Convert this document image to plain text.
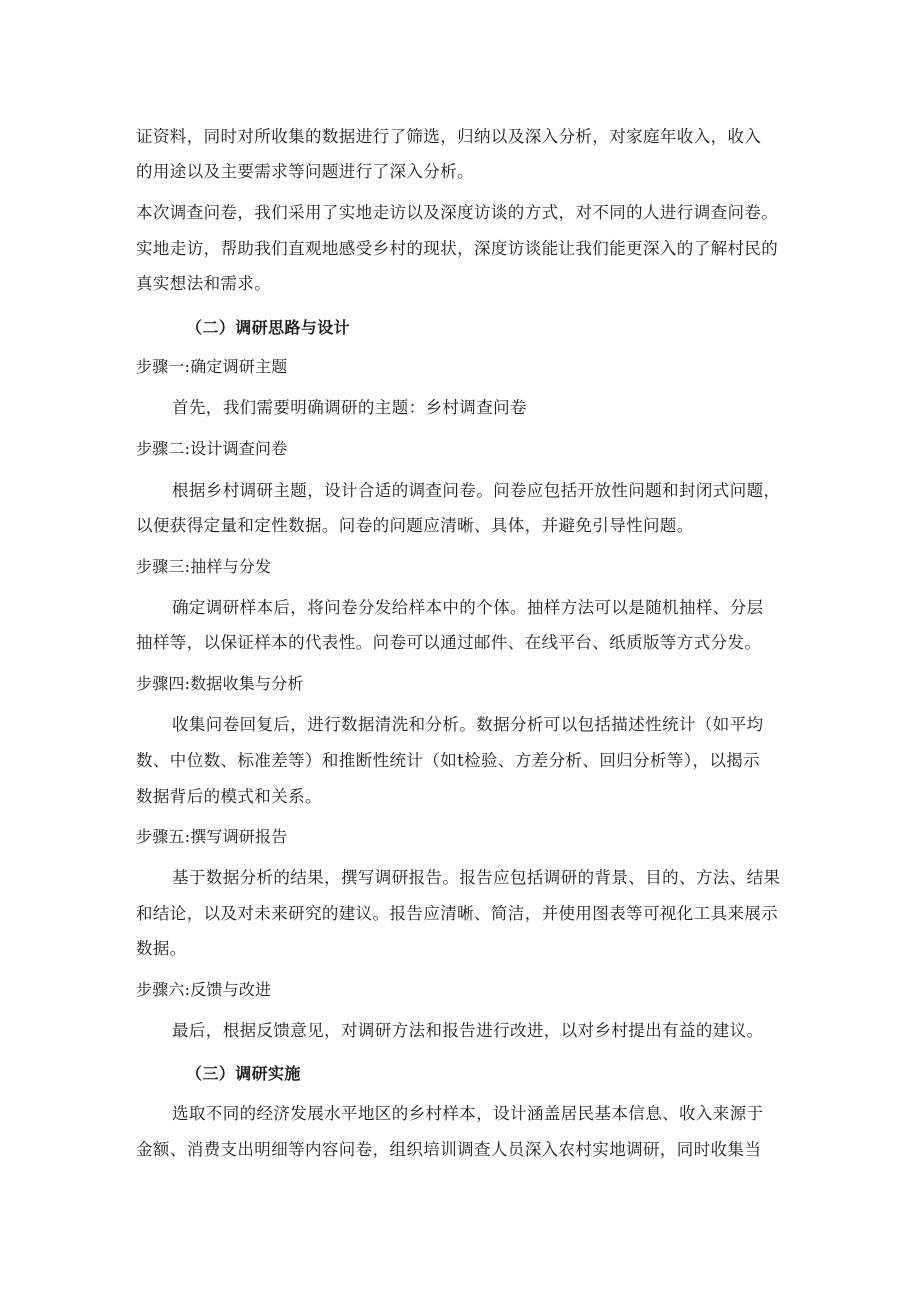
证资料，同时对所收集的数据进行了筛选，归纳以及深入分析，对家庭年收入，收入
的用途以及主要需求等问题进行了深入分析。
本次调查问卷，我们采用了实地走访以及深度访谈的方式，对不同的人进行调查问卷。
实地走访，帮助我们直观地感受乡村的现状，深度访谈能让我们能更深入的了解村民的
真实想法和需求。
（二）调研思路与设计
步骤一:确定调研主题
首先，我们需要明确调研的主题：乡村调查问卷
步骤二:设计调查问卷
根据乡村调研主题，设计合适的调查问卷。问卷应包括开放性问题和封闭式问题，
以便获得定量和定性数据。问卷的问题应清晰、具体，并避免引导性问题。
步骤三:抽样与分发
确定调研样本后，将问卷分发给样本中的个体。抽样方法可以是随机抽样、分层
抽样等，以保证样本的代表性。问卷可以通过邮件、在线平台、纸质版等方式分发。
步骤四:数据收集与分析
收集问卷回复后，进行数据清洗和分析。数据分析可以包括描述性统计（如平均
数、中位数、标准差等）和推断性统计（如t检验、方差分析、回归分析等），以揭示
数据背后的模式和关系。
步骤五:撰写调研报告
基于数据分析的结果，撰写调研报告。报告应包括调研的背景、目的、方法、结果
和结论，以及对未来研究的建议。报告应清晰、简洁，并使用图表等可视化工具来展示
数据。
步骤六:反馈与改进
最后，根据反馈意见，对调研方法和报告进行改进，以对乡村提出有益的建议。
（三）调研实施
选取不同的经济发展水平地区的乡村样本，设计涵盖居民基本信息、收入来源于
金额、消费支出明细等内容问卷，组织培训调查人员深入农村实地调研，同时收集当
